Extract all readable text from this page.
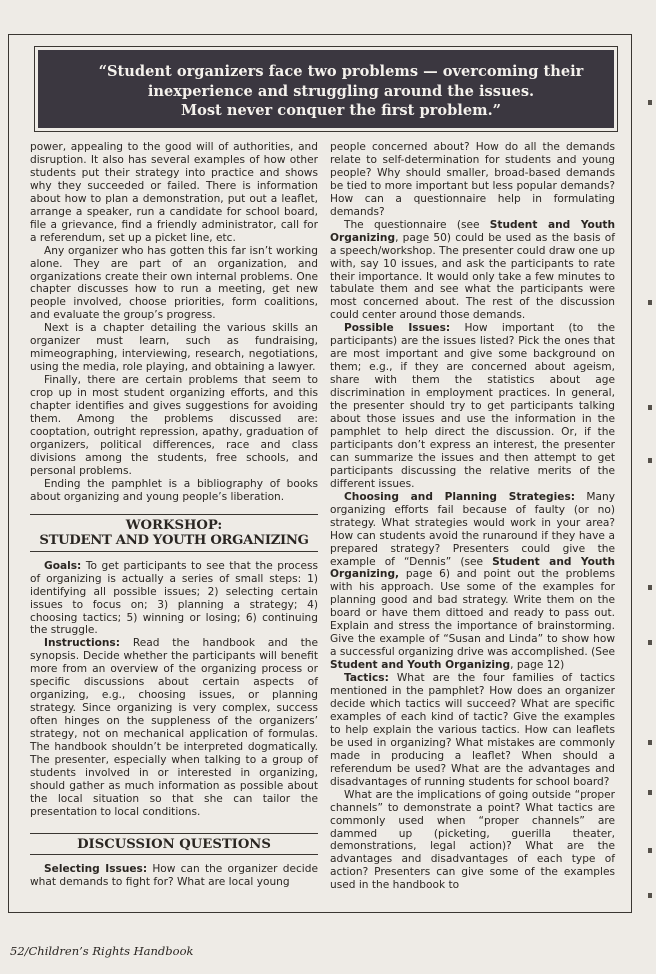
“Student organizers face two problems — overcoming their
inexperience and struggling around the issues.
Most never conquer the first problem.”

power, appealing to the good will of authorities, and disruption. It also has several examples of how other students put their strategy into practice and shows why they succeeded or failed. There is information about how to plan a demonstration, put out a leaflet, arrange a speaker, run a candidate for school board, file a grievance, find a friendly administrator, call for a referendum, set up a picket line, etc.

Any organizer who has gotten this far isn’t working alone. They are part of an organization, and organizations create their own internal problems. One chapter discusses how to run a meeting, get new people involved, choose priorities, form coalitions, and evaluate the group’s progress.

Next is a chapter detailing the various skills an organizer must learn, such as fundraising, mimeographing, interviewing, research, negotiations, using the media, role playing, and obtaining a lawyer.

Finally, there are certain problems that seem to crop up in most student organizing efforts, and this chapter identifies and gives suggestions for avoiding them. Among the problems discussed are: cooptation, outright repression, apathy, graduation of organizers, political differences, race and class divisions among the students, free schools, and personal problems.

Ending the pamphlet is a bibliography of books about organizing and young people’s liberation.

WORKSHOP:
STUDENT AND YOUTH ORGANIZING

Goals: To get participants to see that the process of organizing is actually a series of small steps: 1) identifying all possible issues; 2) selecting certain issues to focus on; 3) planning a strategy; 4) choosing tactics; 5) winning or losing; 6) continuing the struggle.

Instructions: Read the handbook and the synopsis. Decide whether the participants will benefit more from an overview of the organizing process or specific discussions about certain aspects of organizing, e.g., choosing issues, or planning strategy. Since organizing is very complex, success often hinges on the suppleness of the organizers’ strategy, not on mechanical application of formulas. The handbook shouldn’t be interpreted dogmatically. The presenter, especially when talking to a group of students involved in or interested in organizing, should gather as much information as possible about the local situation so that she can tailor the presentation to local conditions.

DISCUSSION QUESTIONS

Selecting Issues: How can the organizer decide what demands to fight for? What are local young

people concerned about? How do all the demands relate to self-determination for students and young people? Why should smaller, broad-based demands be tied to more important but less popular demands? How can a questionnaire help in formulating demands?

The questionnaire (see Student and Youth Organizing, page 50) could be used as the basis of a speech/workshop. The presenter could draw one up with, say 10 issues, and ask the participants to rate their importance. It would only take a few minutes to tabulate them and see what the participants were most concerned about. The rest of the discussion could center around those demands.

Possible Issues: How important (to the participants) are the issues listed? Pick the ones that are most important and give some background on them; e.g., if they are concerned about ageism, share with them the statistics about age discrimination in employment practices. In general, the presenter should try to get participants talking about those issues and use the information in the pamphlet to help direct the discussion. Or, if the participants don’t express an interest, the presenter can summarize the issues and then attempt to get participants discussing the relative merits of the different issues.

Choosing and Planning Strategies: Many organizing efforts fail because of faulty (or no) strategy. What strategies would work in your area? How can students avoid the runaround if they have a prepared strategy? Presenters could give the example of “Dennis” (see Student and Youth Organizing, page 6) and point out the problems with his approach. Use some of the examples for planning good and bad strategy. Write them on the board or have them dittoed and ready to pass out. Explain and stress the importance of brainstorming. Give the example of “Susan and Linda” to show how a successful organizing drive was accomplished. (See Student and Youth Organizing, page 12)

Tactics: What are the four families of tactics mentioned in the pamphlet? How does an organizer decide which tactics will succeed? What are specific examples of each kind of tactic? Give the examples to help explain the various tactics. How can leaflets be used in organizing? What mistakes are commonly made in producing a leaflet? When should a referendum be used? What are the advantages and disadvantages of running students for school board?

What are the implications of going outside “proper channels” to demonstrate a point? What tactics are commonly used when “proper channels” are dammed up (picketing, guerilla theater, demonstrations, legal action)? What are the advantages and disadvantages of each type of action? Presenters can give some of the examples used in the handbook to

52/Children’s Rights Handbook
